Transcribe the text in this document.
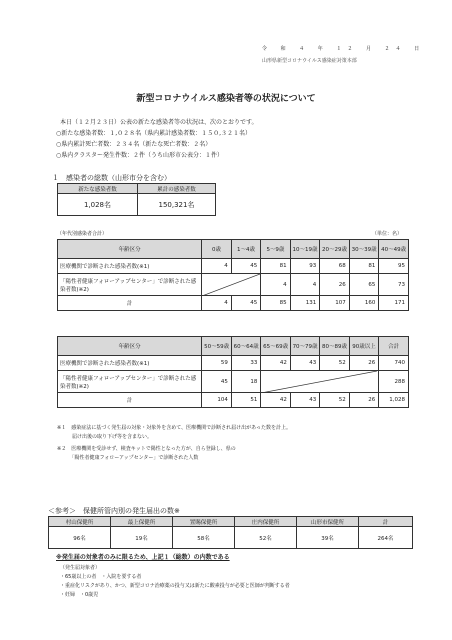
令 和 ４ 年 １２ 月 ２４ 日
山形県新型コロナウイルス感染症対策本部
新型コロナウイルス感染者等の状況について
本日（１２月２３日）公表の新たな感染者等の状況は、次のとおりです。
○新たな感染者数：１,０２８名（県内累計感染者数：１５０,３２１名）
○県内累計死亡者数：２３４名（新たな死亡者数：２名）
○県内クラスター発生件数：２件（うち山形市公表分：１件）
１　感染者の総数（山形市分を含む）
新たな感染者数	累計の感染者数
1,028名	150,321名
（年代別感染者合計）	（単位：名）
年齢区分	0歳	1～4歳	5～9歳	10～19歳	20～29歳	30～39歳	40～49歳
医療機関で診断された感染者数(※1)	4	45	81	93	68	81	95
「陽性者健康フォローアップセンター」で診断された感染者数(※2)			4	4	26	65	73
計	4	45	85	131	107	160	171
年齢区分	50～59歳	60～64歳	65～69歳	70～79歳	80～89歳	90歳以上	合計
医療機関で診断された感染者数(※1)	59	33	42	43	52	26	740
「陽性者健康フォローアップセンター」で診断された感染者数(※2)	45	18					288
計	104	51	42	43	52	26	1,028
※１　感染症法に基づく発生届の対象・対象外を含めて、医療機関で診断され届け出があった数を計上。
　　　届け出後の取り下げ等を含まない。
※２　医療機関を受診せず、検査キットで陽性となった方が、自ら登録し、県の
　　　「陽性者健康フォローアップセンター」で診断された人数
＜参考＞　保健所管内別の発生届出の数※
村山保健所	最上保健所	置賜保健所	庄内保健所	山形市保健所	計
96名	19名	58名	52名	39名	264名
※発生届の対象者のみに限るため、上記１（総数）の内数である
（発生届対象者）
・65歳以上の者　・入院を要する者
・重症化リスクがあり、かつ、新型コロナ治療薬の投与又は新たに酸素投与が必要と医師が判断する者
・妊婦　・0歳児
